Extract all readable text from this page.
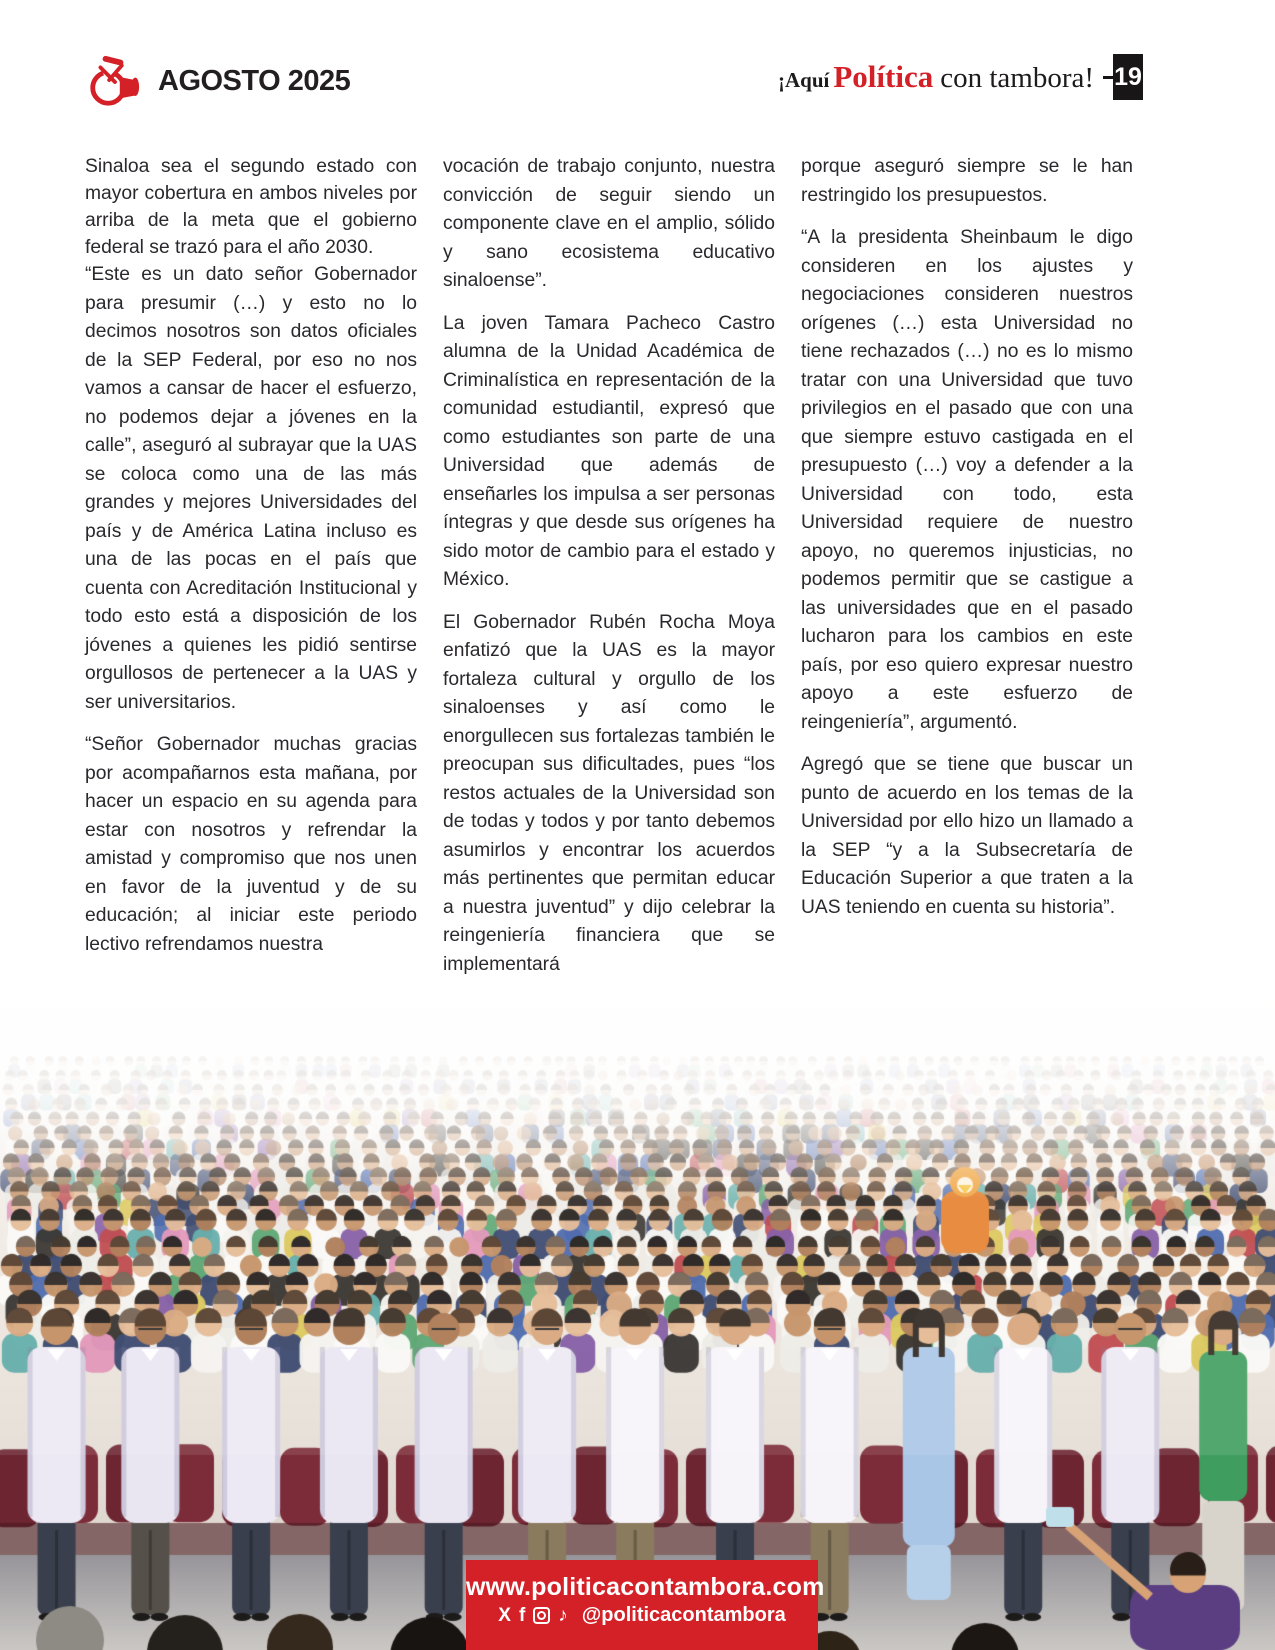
AGOSTO 2025	¡Aquí Política con tambora! 19

Sinaloa sea el segundo estado con mayor cobertura en ambos niveles por arriba de la meta que el gobierno federal se trazó para el año 2030.

“Este es un dato señor Gobernador para presumir (…) y esto no lo decimos nosotros son datos oficiales de la SEP Federal, por eso no nos vamos a cansar de hacer el esfuerzo, no podemos dejar a jóvenes en la calle”, aseguró al subrayar que la UAS se coloca como una de las más grandes y mejores Universidades del país y de América Latina incluso es una de las pocas en el país que cuenta con Acreditación Institucional y todo esto está a disposición de los jóvenes a quienes les pidió sentirse orgullosos de pertenecer a la UAS y ser universitarios.

“Señor Gobernador muchas gracias por acompañarnos esta mañana, por hacer un espacio en su agenda para estar con nosotros y refrendar la amistad y compromiso que nos unen en favor de la juventud y de su educación; al iniciar este periodo lectivo refrendamos nuestra

vocación de trabajo conjunto, nuestra convicción de seguir siendo un componente clave en el amplio, sólido y sano ecosistema educativo sinaloense”.

La joven Tamara Pacheco Castro alumna de la Unidad Académica de Criminalística en representación de la comunidad estudiantil, expresó que como estudiantes son parte de una Universidad que además de enseñarles los impulsa a ser personas íntegras y que desde sus orígenes ha sido motor de cambio para el estado y México.

El Gobernador Rubén Rocha Moya enfatizó que la UAS es la mayor fortaleza cultural y orgullo de los sinaloenses y así como le enorgullecen sus fortalezas también le preocupan sus dificultades, pues “los restos actuales de la Universidad son de todas y todos y por tanto debemos asumirlos y encontrar los acuerdos más pertinentes que permitan educar a nuestra juventud” y dijo celebrar la reingeniería financiera que se implementará

porque aseguró siempre se le han restringido los presupuestos.

“A la presidenta Sheinbaum le digo consideren en los ajustes y negociaciones consideren nuestros orígenes (…) esta Universidad no tiene rechazados (…) no es lo mismo tratar con una Universidad que tuvo privilegios en el pasado que con una que siempre estuvo castigada en el presupuesto (…) voy a defender a la Universidad con todo, esta Universidad requiere de nuestro apoyo, no queremos injusticias, no podemos permitir que se castigue a las universidades que en el pasado lucharon para los cambios en este país, por eso quiero expresar nuestro apoyo a este esfuerzo de reingeniería”, argumentó.

Agregó que se tiene que buscar un punto de acuerdo en los temas de la Universidad por ello hizo un llamado a la SEP “y a la Subsecretaría de Educación Superior a que traten a la UAS teniendo en cuenta su historia”.

www.politicacontambora.com
X f ♪ @politicacontambora
